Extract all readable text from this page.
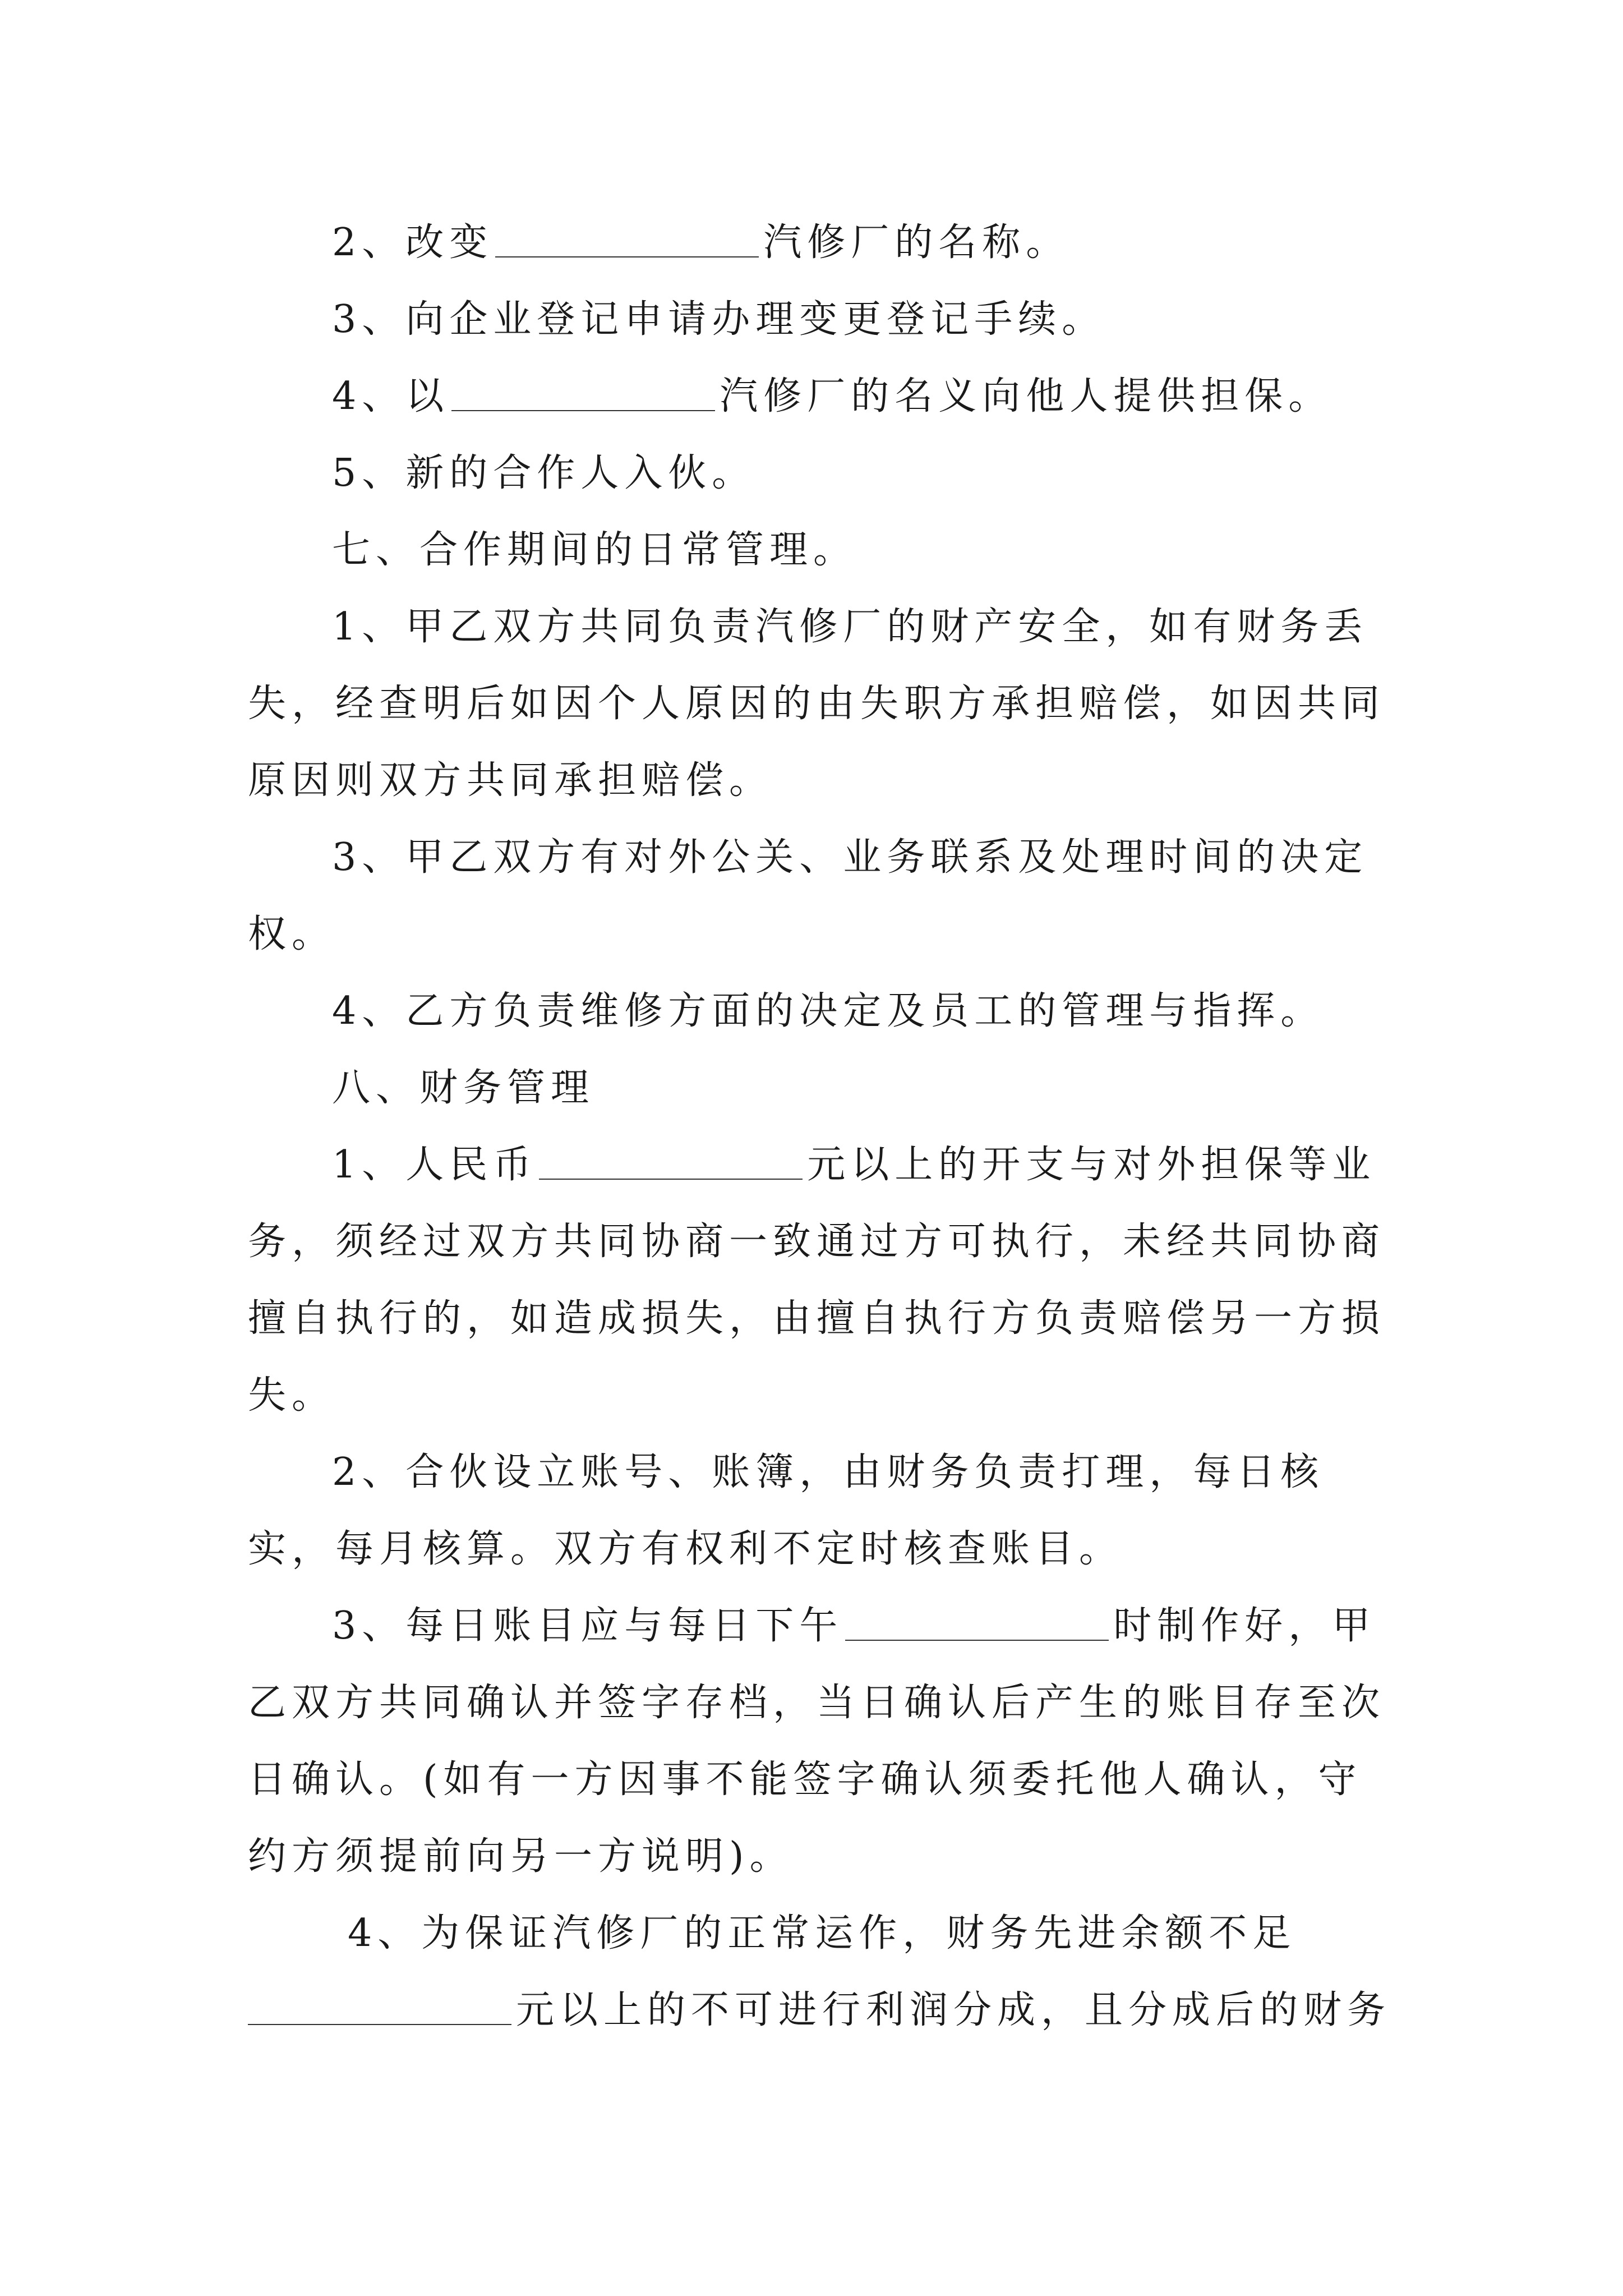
2、改变	汽修厂的名称。

3、向企业登记申请办理变更登记手续。

4、以	汽修厂的名义向他人提供担保。

5、新的合作人入伙。

七、合作期间的日常管理。

1、甲乙双方共同负责汽修厂的财产安全，如有财务丢失，经查明后如因个人原因的由失职方承担赔偿，如因共同原因则双方共同承担赔偿。

3、甲乙双方有对外公关、业务联系及处理时间的决定权。

4、乙方负责维修方面的决定及员工的管理与指挥。

八、财务管理

1、人民币	元以上的开支与对外担保等业务，须经过双方共同协商一致通过方可执行，未经共同协商擅自执行的，如造成损失，由擅自执行方负责赔偿另一方损失。

2、合伙设立账号、账簿，由财务负责打理，每日核实，每月核算。双方有权利不定时核查账目。

3、每日账目应与每日下午	时制作好，甲乙双方共同确认并签字存档，当日确认后产生的账目存至次日确认。(如有一方因事不能签字确认须委托他人确认，守约方须提前向另一方说明)。

4、为保证汽修厂的正常运作，财务先进余额不足元以上的不可进行利润分成，且分成后的财务
